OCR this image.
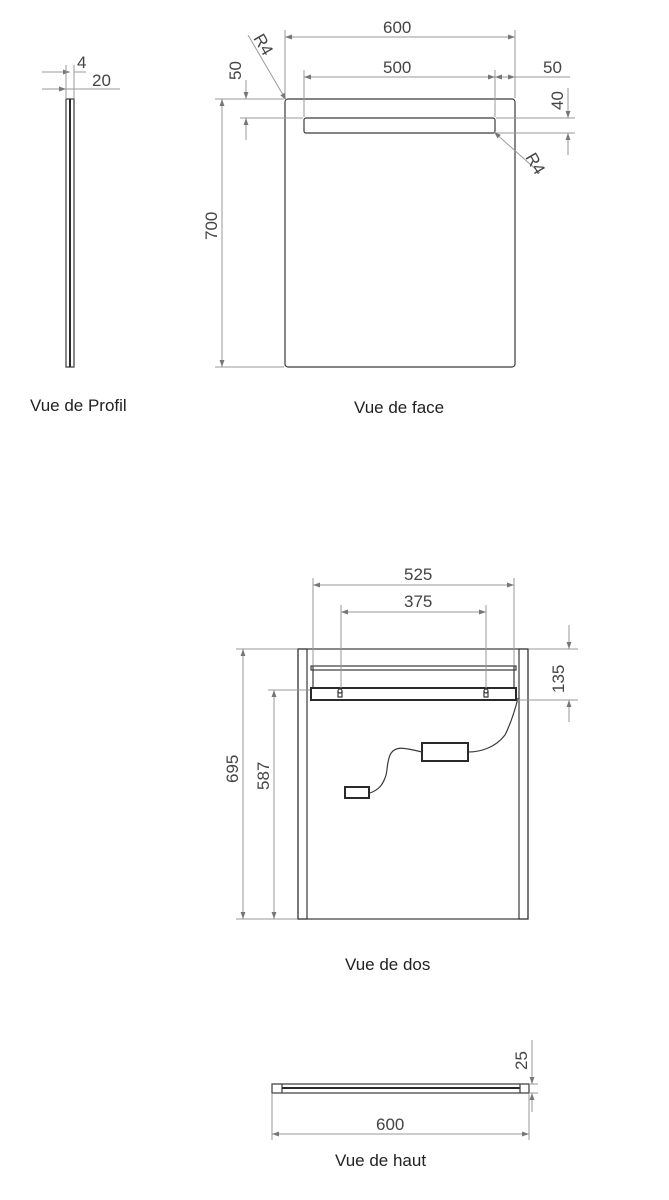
4
20
Vue de Profil
600
500	50
50
40
700
R4
R4
Vue de face
525
375
135
695 587
Vue de dos
25
600
Vue de haut
